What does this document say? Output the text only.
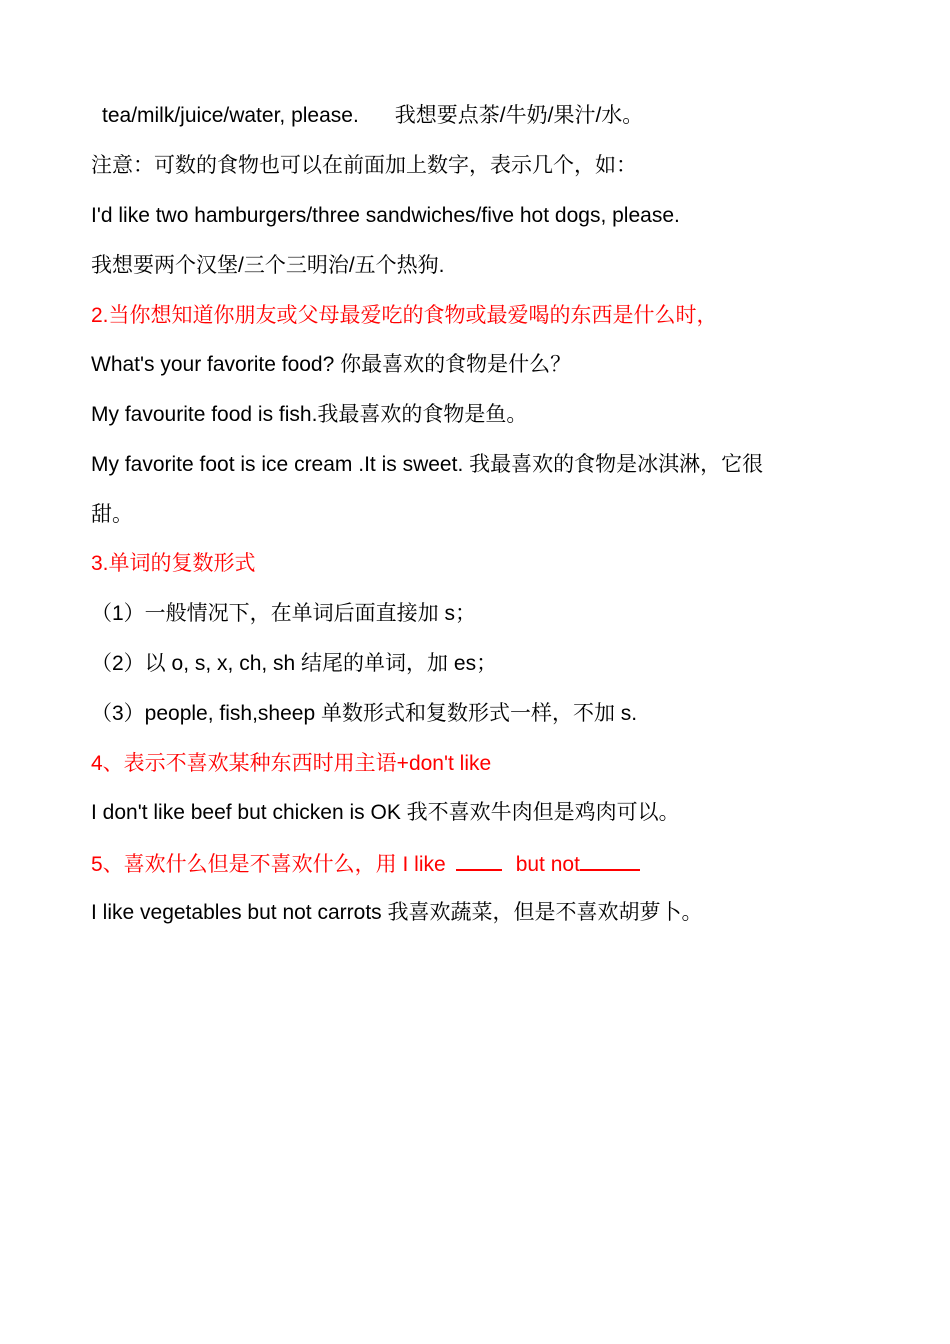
tea/milk/juice/water, please. 我想要点茶/牛奶/果汁/水。
注意：可数的食物也可以在前面加上数字，表示几个，如：
I'd like two hamburgers/three sandwiches/five hot dogs, please.
我想要两个汉堡/三个三明治/五个热狗.
2.当你想知道你朋友或父母最爱吃的食物或最爱喝的东西是什么时，
What's your favorite food? 你最喜欢的食物是什么？
My favourite food is fish.我最喜欢的食物是鱼。
My favorite foot is ice cream .It is sweet. 我最喜欢的食物是冰淇淋，它很
甜。
3.单词的复数形式
（1）一般情况下，在单词后面直接加 s；
（2）以 o, s, x, ch, sh 结尾的单词，加 es；
（3）people, fish,sheep 单数形式和复数形式一样，不加 s.
4、表示不喜欢某种东西时用主语+don't like
I don't like beef but chicken is OK 我不喜欢牛肉但是鸡肉可以。
5、喜欢什么但是不喜欢什么，用 I like	but not
I like vegetables but not carrots 我喜欢蔬菜，但是不喜欢胡萝卜。
